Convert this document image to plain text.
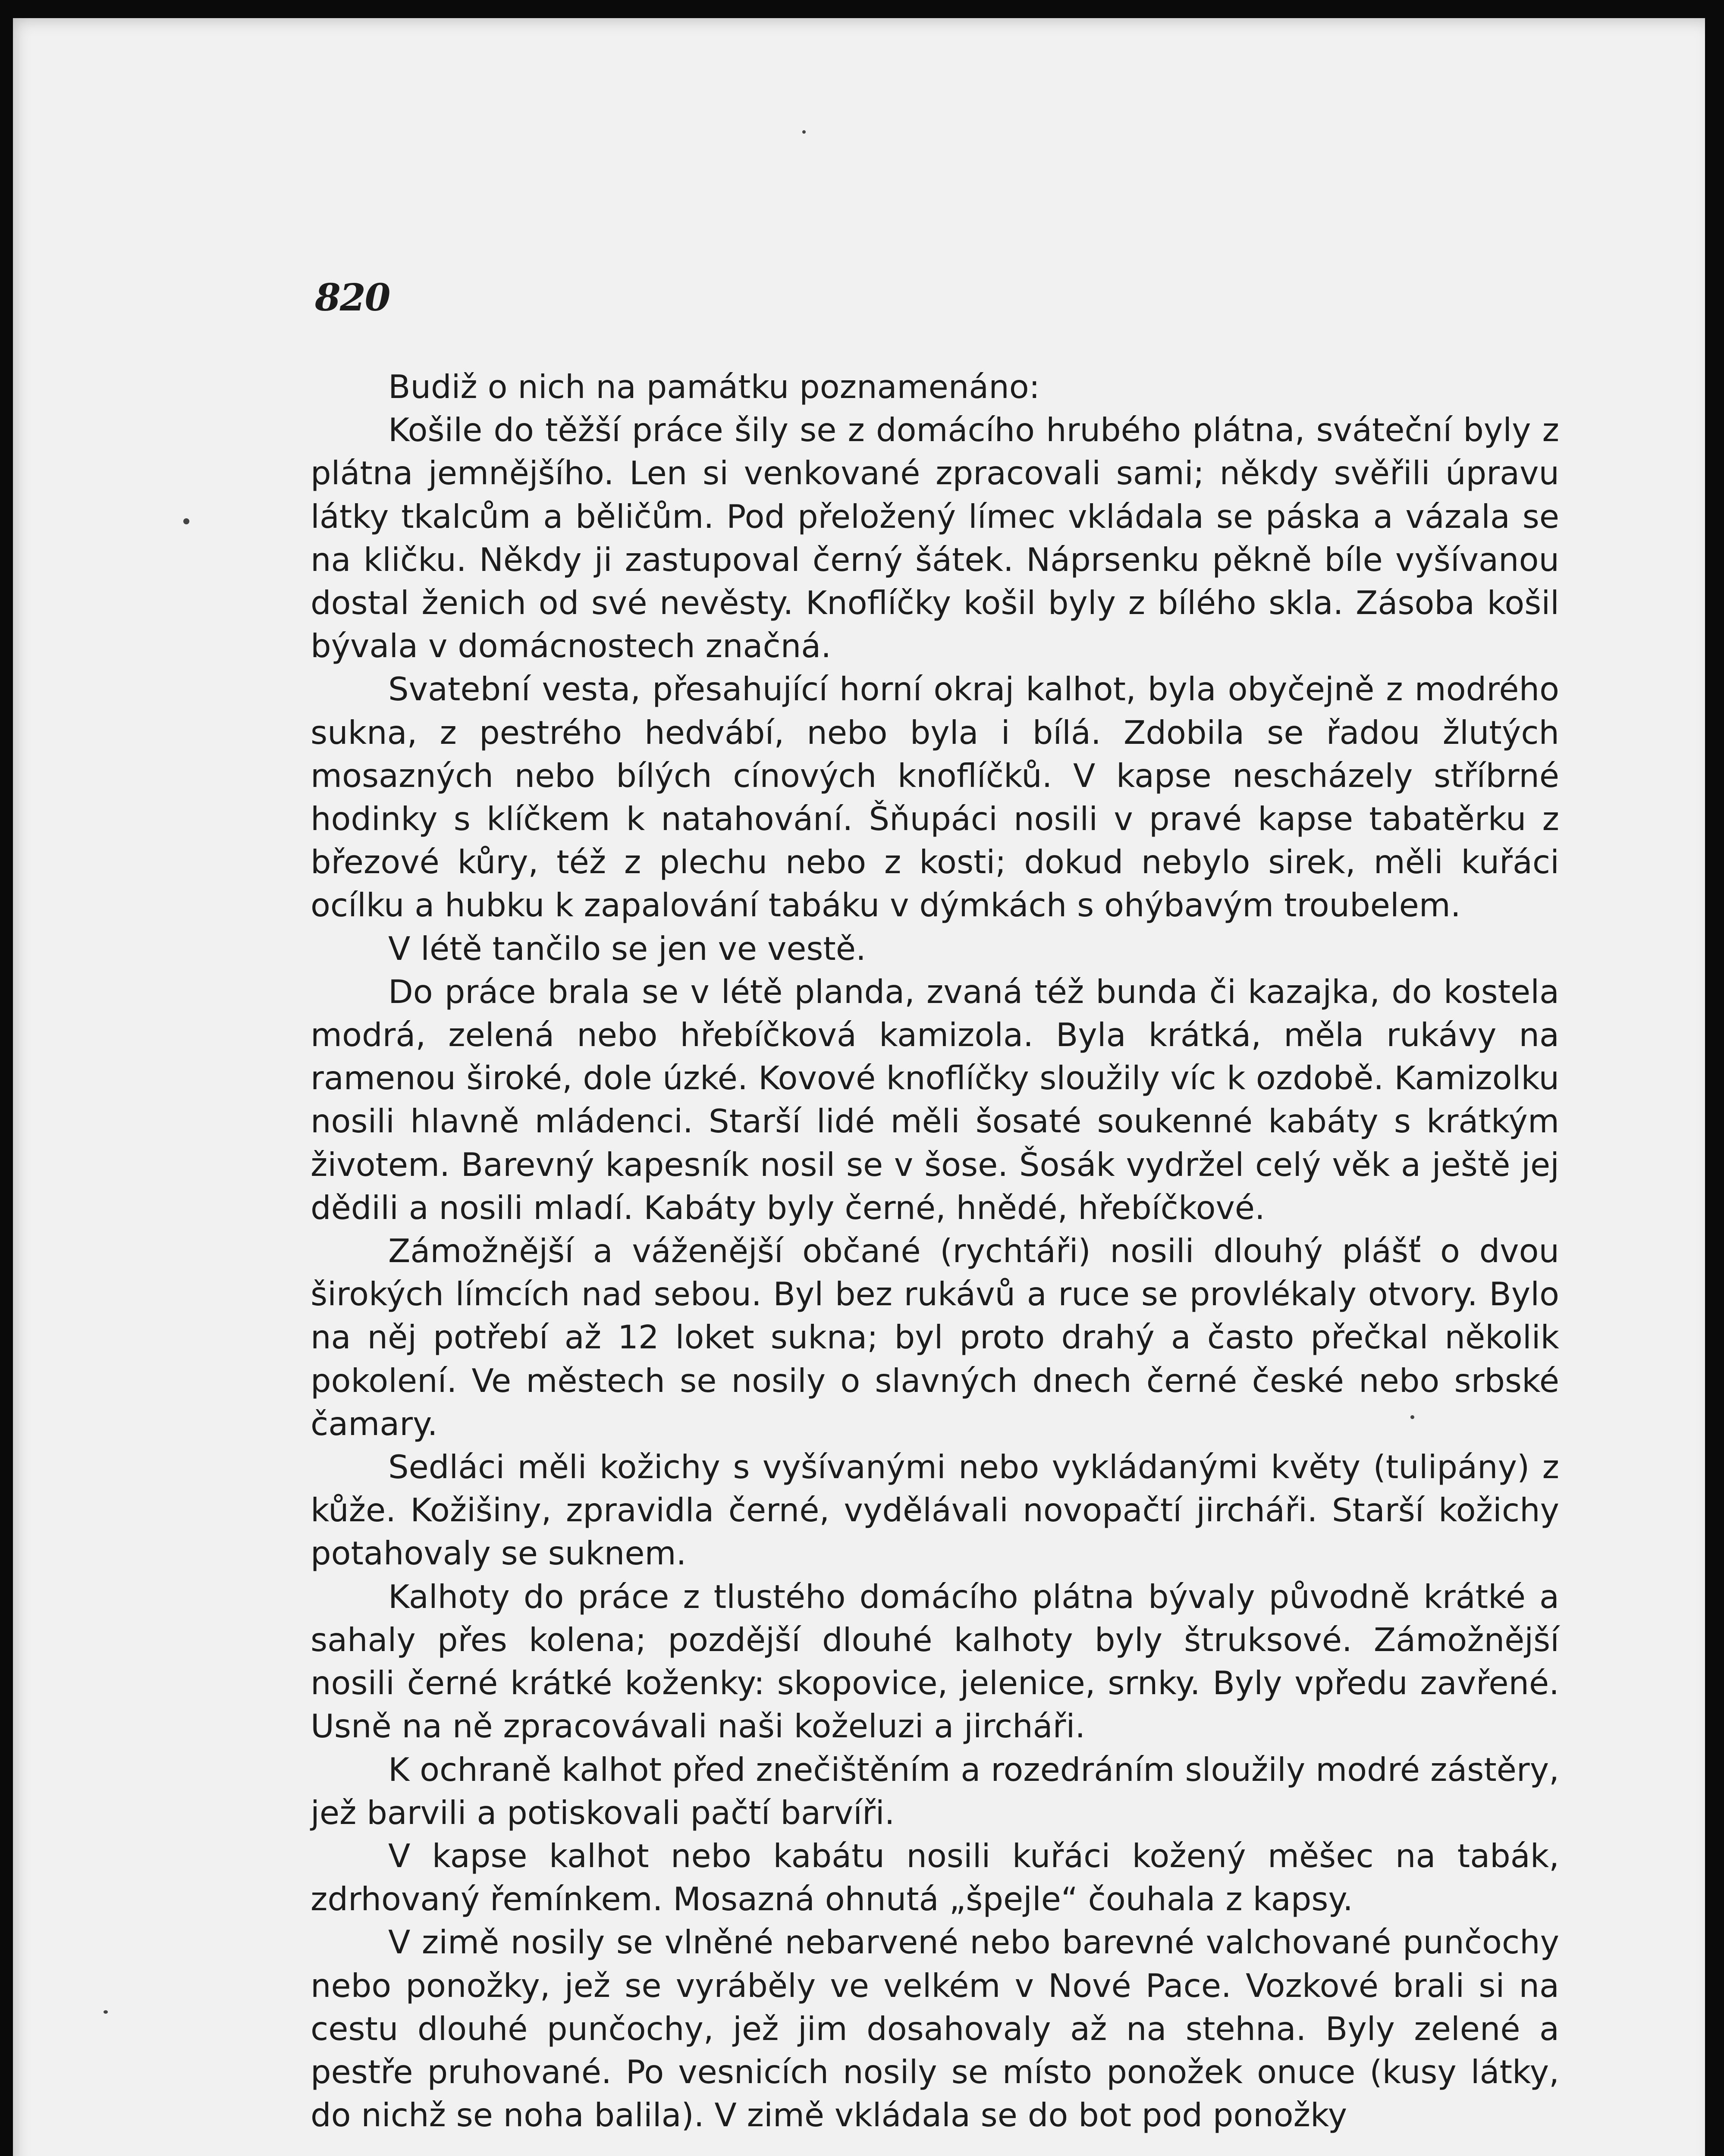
820

Budiž o nich na památku poznamenáno:

Košile do těžší práce šily se z domácího hrubého plátna, sváteční byly z plátna jemnějšího. Len si venkované zpracovali sami; někdy svěřili úpravu látky tkalcům a běličům. Pod přeložený límec vkládala se páska a vázala se na kličku. Někdy ji zastupoval černý šátek. Náprsenku pěkně bíle vyšívanou dostal ženich od své nevěsty. Knoflíčky košil byly z bílého skla. Zásoba košil bývala v domácnostech značná.

Svatební vesta, přesahující horní okraj kalhot, byla obyčejně z modrého sukna, z pestrého hedvábí, nebo byla i bílá. Zdobila se řadou žlutých mosazných nebo bílých cínových knoflíčků. V kapse nescházely stříbrné hodinky s klíčkem k natahování. Šňupáci nosili v pravé kapse tabatěrku z březové kůry, též z plechu nebo z kosti; dokud nebylo sirek, měli kuřáci ocílku a hubku k zapalování tabáku v dýmkách s ohýbavým troubelem.

V létě tančilo se jen ve vestě.

Do práce brala se v létě planda, zvaná též bunda či kazajka, do kostela modrá, zelená nebo hřebíčková kamizola. Byla krátká, měla rukávy na ramenou široké, dole úzké. Kovové knoflíčky sloužily víc k ozdobě. Kamizolku nosili hlavně mládenci. Starší lidé měli šosaté soukenné kabáty s krátkým životem. Barevný kapesník nosil se v šose. Šosák vydržel celý věk a ještě jej dědili a nosili mladí. Kabáty byly černé, hnědé, hřebíčkové.

Zámožnější a váženější občané (rychtáři) nosili dlouhý plášť o dvou širokých límcích nad sebou. Byl bez rukávů a ruce se provlékaly otvory. Bylo na něj potřebí až 12 loket sukna; byl proto drahý a často přečkal několik pokolení. Ve městech se nosily o slavných dnech černé české nebo srbské čamary.

Sedláci měli kožichy s vyšívanými nebo vykládanými květy (tulipány) z kůže. Kožišiny, zpravidla černé, vydělávali novopačtí jircháři. Starší kožichy potahovaly se suknem.

Kalhoty do práce z tlustého domácího plátna bývaly původně krátké a sahaly přes kolena; pozdější dlouhé kalhoty byly štruksové. Zámožnější nosili černé krátké koženky: skopovice, jelenice, srnky. Byly vpředu zavřené. Usně na ně zpracovávali naši koželuzi a jircháři.

K ochraně kalhot před znečištěním a rozedráním sloužily modré zástěry, jež barvili a potiskovali pačtí barvíři.

V kapse kalhot nebo kabátu nosili kuřáci kožený měšec na tabák, zdrhovaný řemínkem. Mosazná ohnutá „špejle“ čouhala z kapsy.

V zimě nosily se vlněné nebarvené nebo barevné valchované punčochy nebo ponožky, jež se vyráběly ve velkém v Nové Pace. Vozkové brali si na cestu dlouhé punčochy, jež jim dosahovaly až na stehna. Byly zelené a pestře pruhované. Po vesnicích nosily se místo ponožek onuce (kusy látky, do nichž se noha balila). V zimě vkládala se do bot pod ponožky
